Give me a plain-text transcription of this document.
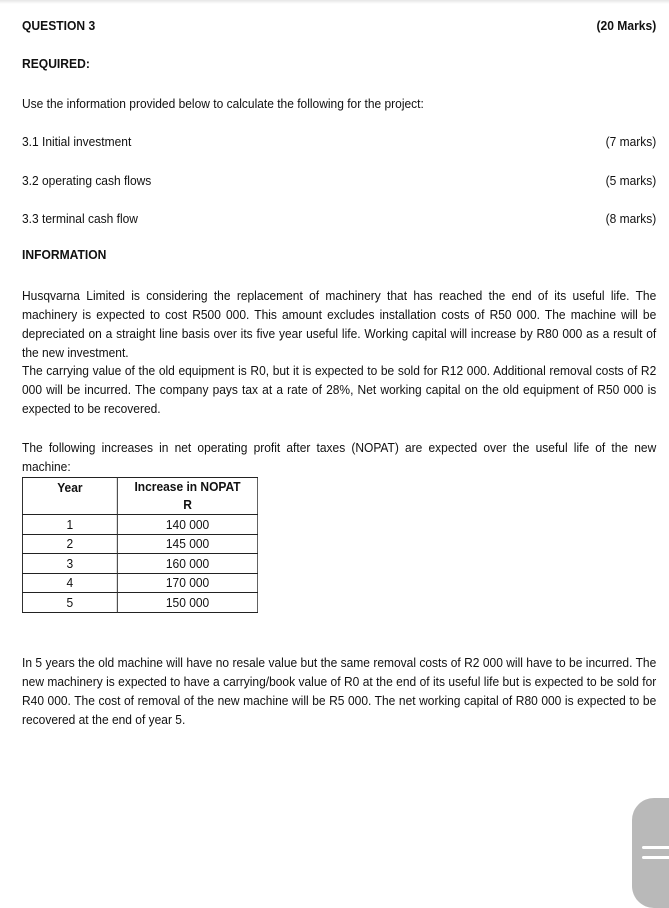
QUESTION 3	(20 Marks)
REQUIRED:
Use the information provided below to calculate the following for the project:
3.1 Initial investment	(7 marks)
3.2 operating cash flows	(5 marks)
3.3 terminal cash flow	(8 marks)
INFORMATION
Husqvarna Limited is considering the replacement of machinery that has reached the end of its useful life. The machinery is expected to cost R500 000. This amount excludes installation costs of R50 000. The machine will be depreciated on a straight line basis over its five year useful life. Working capital will increase by R80 000 as a result of the new investment.
The carrying value of the old equipment is R0, but it is expected to be sold for R12 000. Additional removal costs of R2 000 will be incurred. The company pays tax at a rate of 28%, Net working capital on the old equipment of R50 000 is expected to be recovered.
The following increases in net operating profit after taxes (NOPAT) are expected over the useful life of the new machine:
Year	Increase in NOPAT
R

1	140 000
2	145 000
3	160 000
4	170 000
5	150 000
In 5 years the old machine will have no resale value but the same removal costs of R2 000 will have to be incurred. The new machinery is expected to have a carrying/book value of R0 at the end of its useful life but is expected to be sold for R40 000. The cost of removal of the new machine will be R5 000. The net working capital of R80 000 is expected to be recovered at the end of year 5.
